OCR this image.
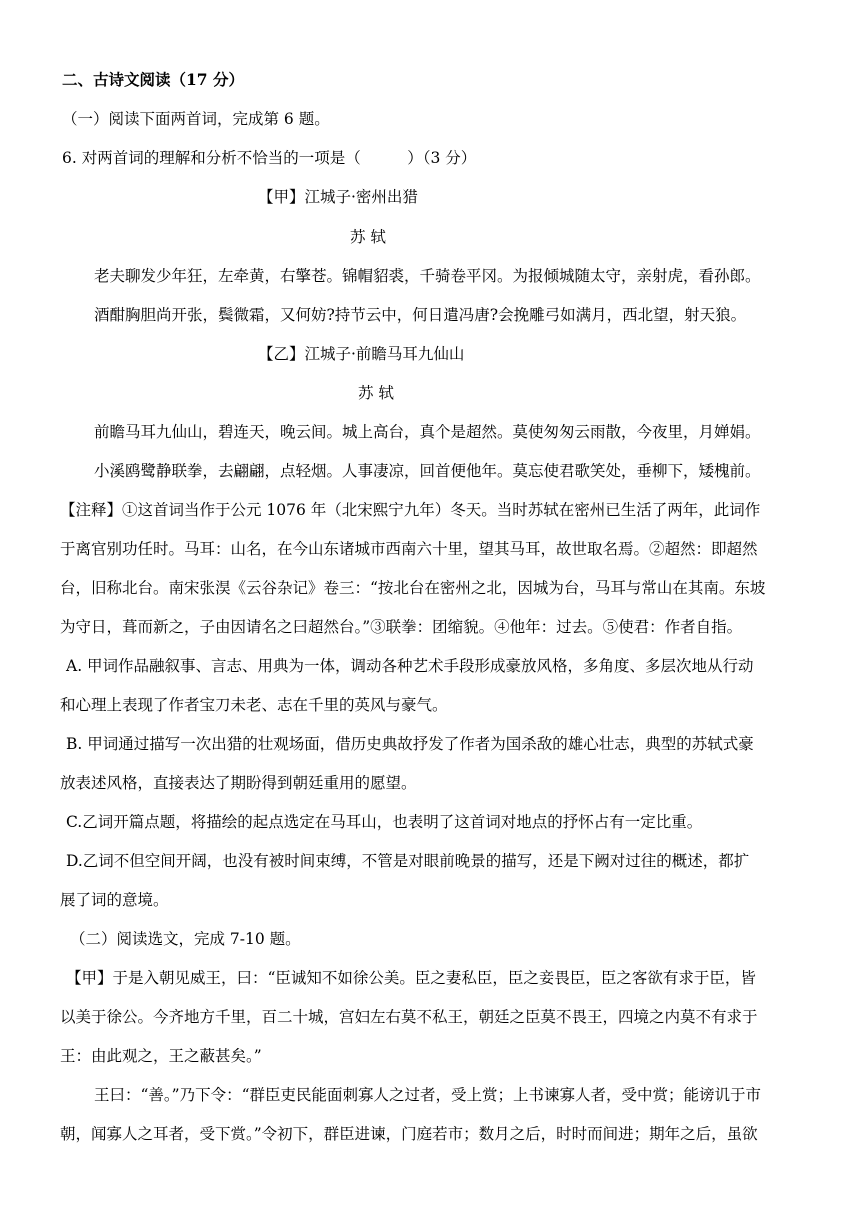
二、古诗文阅读（17 分）
（一）阅读下面两首词，完成第 6 题。
6. 对两首词的理解和分析不恰当的一项是（　　　）（3 分）
【甲】江城子·密州出猎
苏 轼
老夫聊发少年狂，左牵黄，右擎苍。锦帽貂裘，千骑卷平冈。为报倾城随太守，亲射虎，看孙郎。
酒酣胸胆尚开张，鬓微霜，又何妨?持节云中，何日遣冯唐?会挽雕弓如满月，西北望，射天狼。
【乙】江城子·前瞻马耳九仙山
苏 轼
前瞻马耳九仙山，碧连天，晚云间。城上高台，真个是超然。莫使匆匆云雨散，今夜里，月婵娟。
小溪鸥鹭静联拳，去翩翩，点轻烟。人事凄凉，回首便他年。莫忘使君歌笑处，垂柳下，矮槐前。
【注释】①这首词当作于公元 1076 年（北宋熙宁九年）冬天。当时苏轼在密州已生活了两年，此词作
于离官别功任时。马耳：山名，在今山东诸城市西南六十里，望其马耳，故世取名焉。②超然：即超然
台，旧称北台。南宋张淏《云谷杂记》卷三：“按北台在密州之北，因城为台，马耳与常山在其南。东坡
为守日，葺而新之，子由因请名之曰超然台。”③联拳：团缩貌。④他年：过去。⑤使君：作者自指。
A. 甲词作品融叙事、言志、用典为一体，调动各种艺术手段形成豪放风格，多角度、多层次地从行动
和心理上表现了作者宝刀未老、志在千里的英风与豪气。
B. 甲词通过描写一次出猎的壮观场面，借历史典故抒发了作者为国杀敌的雄心壮志，典型的苏轼式豪
放表述风格，直接表达了期盼得到朝廷重用的愿望。
C.乙词开篇点题，将描绘的起点选定在马耳山，也表明了这首词对地点的抒怀占有一定比重。
D.乙词不但空间开阔，也没有被时间束缚，不管是对眼前晚景的描写，还是下阙对过往的概述，都扩
展了词的意境。
（二）阅读选文，完成 7-10 题。
【甲】于是入朝见威王，曰：“臣诚知不如徐公美。臣之妻私臣，臣之妾畏臣，臣之客欲有求于臣，皆
以美于徐公。今齐地方千里，百二十城，宫妇左右莫不私王，朝廷之臣莫不畏王，四境之内莫不有求于
王：由此观之，王之蔽甚矣。”
王曰：“善。”乃下令：“群臣吏民能面刺寡人之过者，受上赏；上书谏寡人者，受中赏；能谤讥于市
朝，闻寡人之耳者，受下赏。”令初下，群臣进谏，门庭若市；数月之后，时时而间进；期年之后，虽欲
